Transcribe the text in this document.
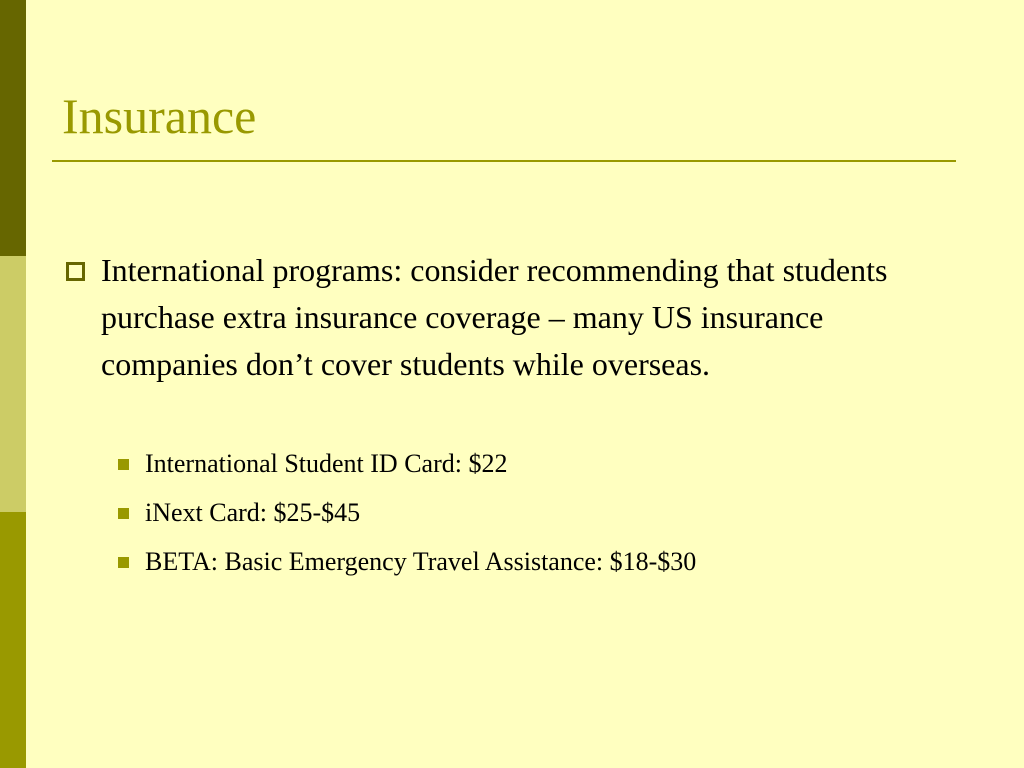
Insurance
International programs: consider recommending that students purchase extra insurance coverage – many US insurance companies don’t cover students while overseas.
International Student ID Card: $22
iNext Card: $25-$45
BETA: Basic Emergency Travel Assistance: $18-$30
